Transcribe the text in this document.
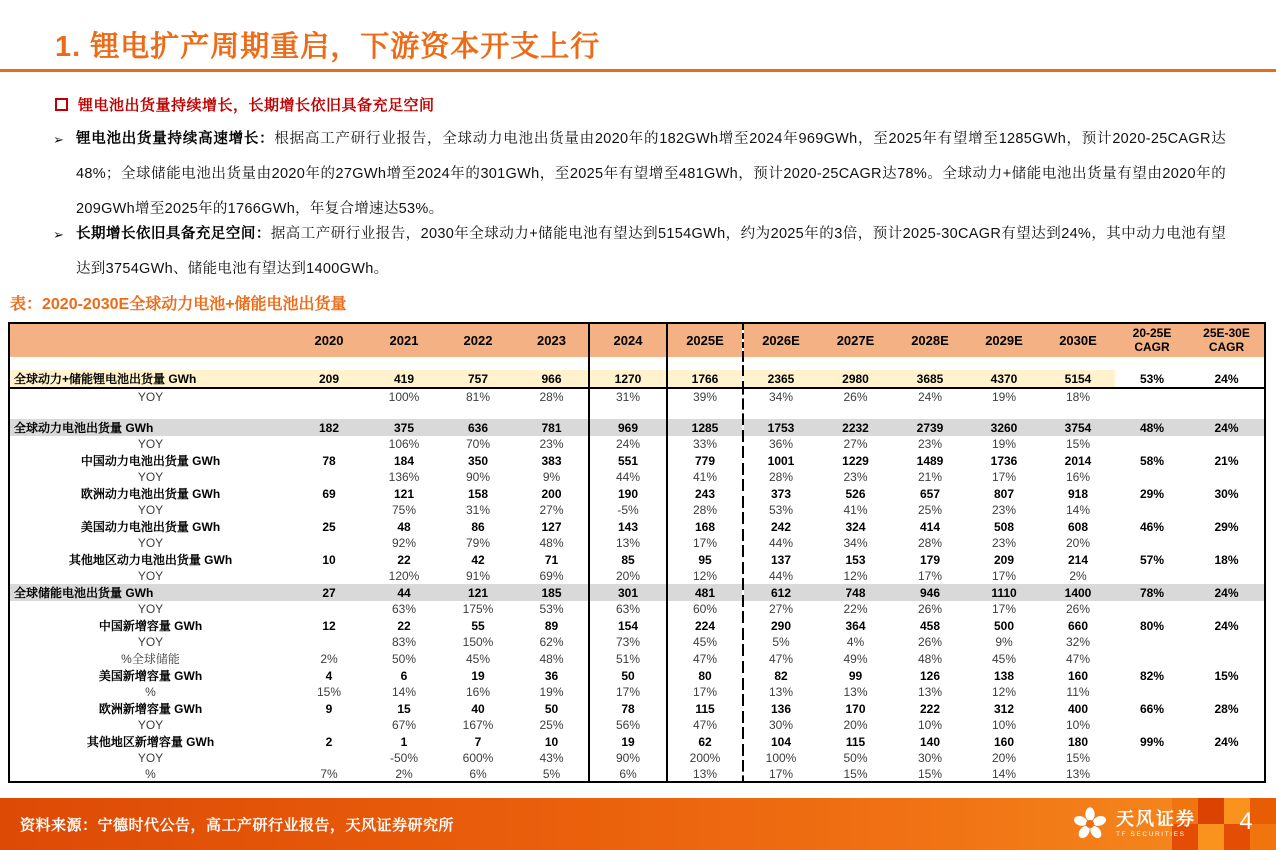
1. 锂电扩产周期重启，下游资本开支上行
锂电池出货量持续增长，长期增长依旧具备充足空间
➢ 锂电池出货量持续高速增长：根据高工产研行业报告，全球动力电池出货量由2020年的182GWh增至2024年969GWh，至2025年有望增至1285GWh，预计2020-25CAGR达48%；全球储能电池出货量由2020年的27GWh增至2024年的301GWh，至2025年有望增至481GWh，预计2020-25CAGR达78%。全球动力+储能电池出货量有望由2020年的209GWh增至2025年的1766GWh，年复合增速达53%。
➢ 长期增长依旧具备充足空间：据高工产研行业报告，2030年全球动力+储能电池有望达到5154GWh，约为2025年的3倍，预计2025-30CAGR有望达到24%，其中动力电池有望达到3754GWh、储能电池有望达到1400GWh。
表：2020-2030E全球动力电池+储能电池出货量
	2020	2021	2022	2023	2024	2025E	2026E	2027E	2028E	2029E	2030E	20-25E CAGR	25E-30E CAGR

全球动力+储能锂电池出货量 GWh	209	419	757	966	1270	1766	2365	2980	3685	4370	5154	53%	24%
YOY		100%	81%	28%	31%	39%	34%	26%	24%	19%	18%		

全球动力电池出货量 GWh	182	375	636	781	969	1285	1753	2232	2739	3260	3754	48%	24%
YOY		106%	70%	23%	24%	33%	36%	27%	23%	19%	15%		
中国动力电池出货量 GWh	78	184	350	383	551	779	1001	1229	1489	1736	2014	58%	21%
YOY		136%	90%	9%	44%	41%	28%	23%	21%	17%	16%		
欧洲动力电池出货量 GWh	69	121	158	200	190	243	373	526	657	807	918	29%	30%
YOY		75%	31%	27%	-5%	28%	53%	41%	25%	23%	14%		
美国动力电池出货量 GWh	25	48	86	127	143	168	242	324	414	508	608	46%	29%
YOY		92%	79%	48%	13%	17%	44%	34%	28%	23%	20%		
其他地区动力电池出货量 GWh	10	22	42	71	85	95	137	153	179	209	214	57%	18%
YOY		120%	91%	69%	20%	12%	44%	12%	17%	17%	2%		
全球储能电池出货量 GWh	27	44	121	185	301	481	612	748	946	1110	1400	78%	24%
YOY		63%	175%	53%	63%	60%	27%	22%	26%	17%	26%		
中国新增容量 GWh	12	22	55	89	154	224	290	364	458	500	660	80%	24%
YOY		83%	150%	62%	73%	45%	5%	4%	26%	9%	32%		
%全球储能	2%	50%	45%	48%	51%	47%	47%	49%	48%	45%	47%		
美国新增容量 GWh	4	6	19	36	50	80	82	99	126	138	160	82%	15%
%	15%	14%	16%	19%	17%	17%	13%	13%	13%	12%	11%		
欧洲新增容量 GWh	9	15	40	50	78	115	136	170	222	312	400	66%	28%
YOY		67%	167%	25%	56%	47%	30%	20%	10%	10%	10%		
其他地区新增容量 GWh	2	1	7	10	19	62	104	115	140	160	180	99%	24%
YOY		-50%	600%	43%	90%	200%	100%	50%	30%	20%	15%		
%	7%	2%	6%	5%	6%	13%	17%	15%	15%	14%	13%		
资料来源：宁德时代公告，高工产研行业报告，天风证券研究所	天风证券
TF SECURITIES	4
